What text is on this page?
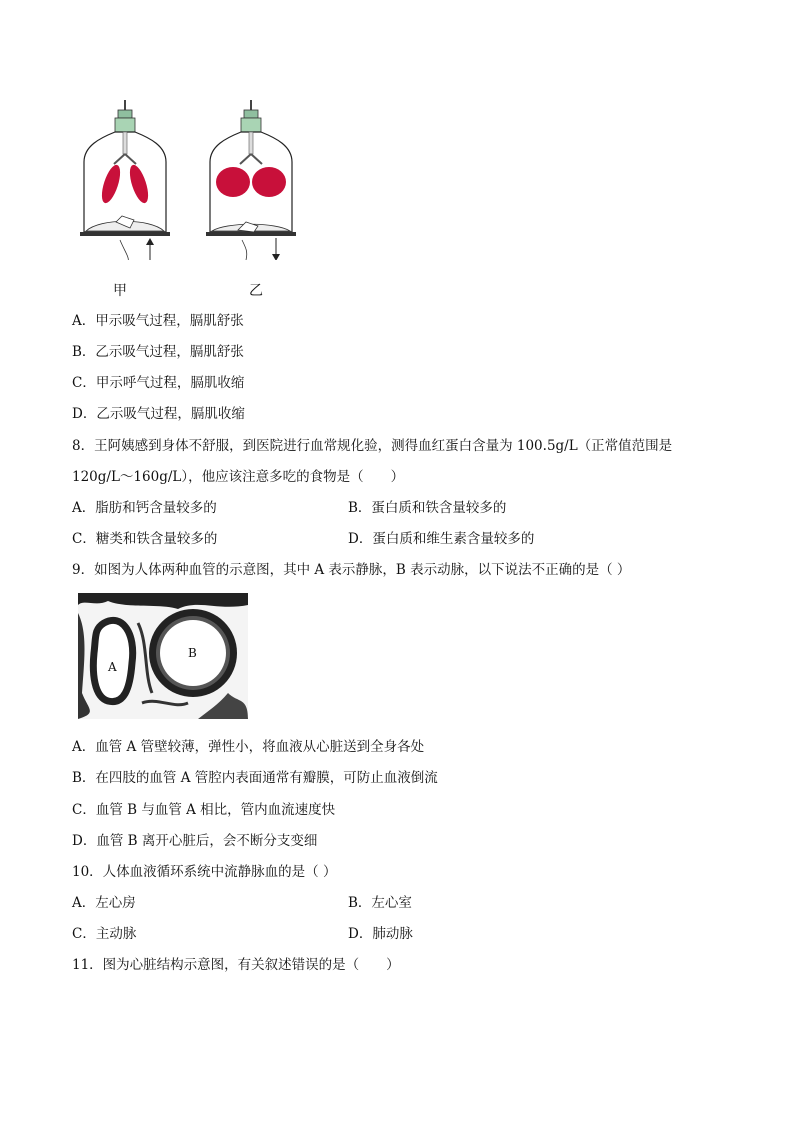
甲	乙
A．甲示吸气过程，膈肌舒张
B．乙示吸气过程，膈肌舒张
C．甲示呼气过程，膈肌收缩
D．乙示吸气过程，膈肌收缩
8．王阿姨感到身体不舒服，到医院进行血常规化验，测得血红蛋白含量为 100.5g/L（正常值范围是
120g/L～160g/L），他应该注意多吃的食物是（　　）
A．脂肪和钙含量较多的	B．蛋白质和铁含量较多的
C．糖类和铁含量较多的	D．蛋白质和维生素含量较多的
9．如图为人体两种血管的示意图，其中 A 表示静脉，B 表示动脉，以下说法不正确的是（ ）
A
B
A．血管 A 管壁较薄，弹性小，将血液从心脏送到全身各处
B．在四肢的血管 A 管腔内表面通常有瓣膜，可防止血液倒流
C．血管 B 与血管 A 相比，管内血流速度快
D．血管 B 离开心脏后，会不断分支变细
10．人体血液循环系统中流静脉血的是（ ）
A．左心房	B．左心室
C．主动脉	D．肺动脉
11．图为心脏结构示意图，有关叙述错误的是（　　）
